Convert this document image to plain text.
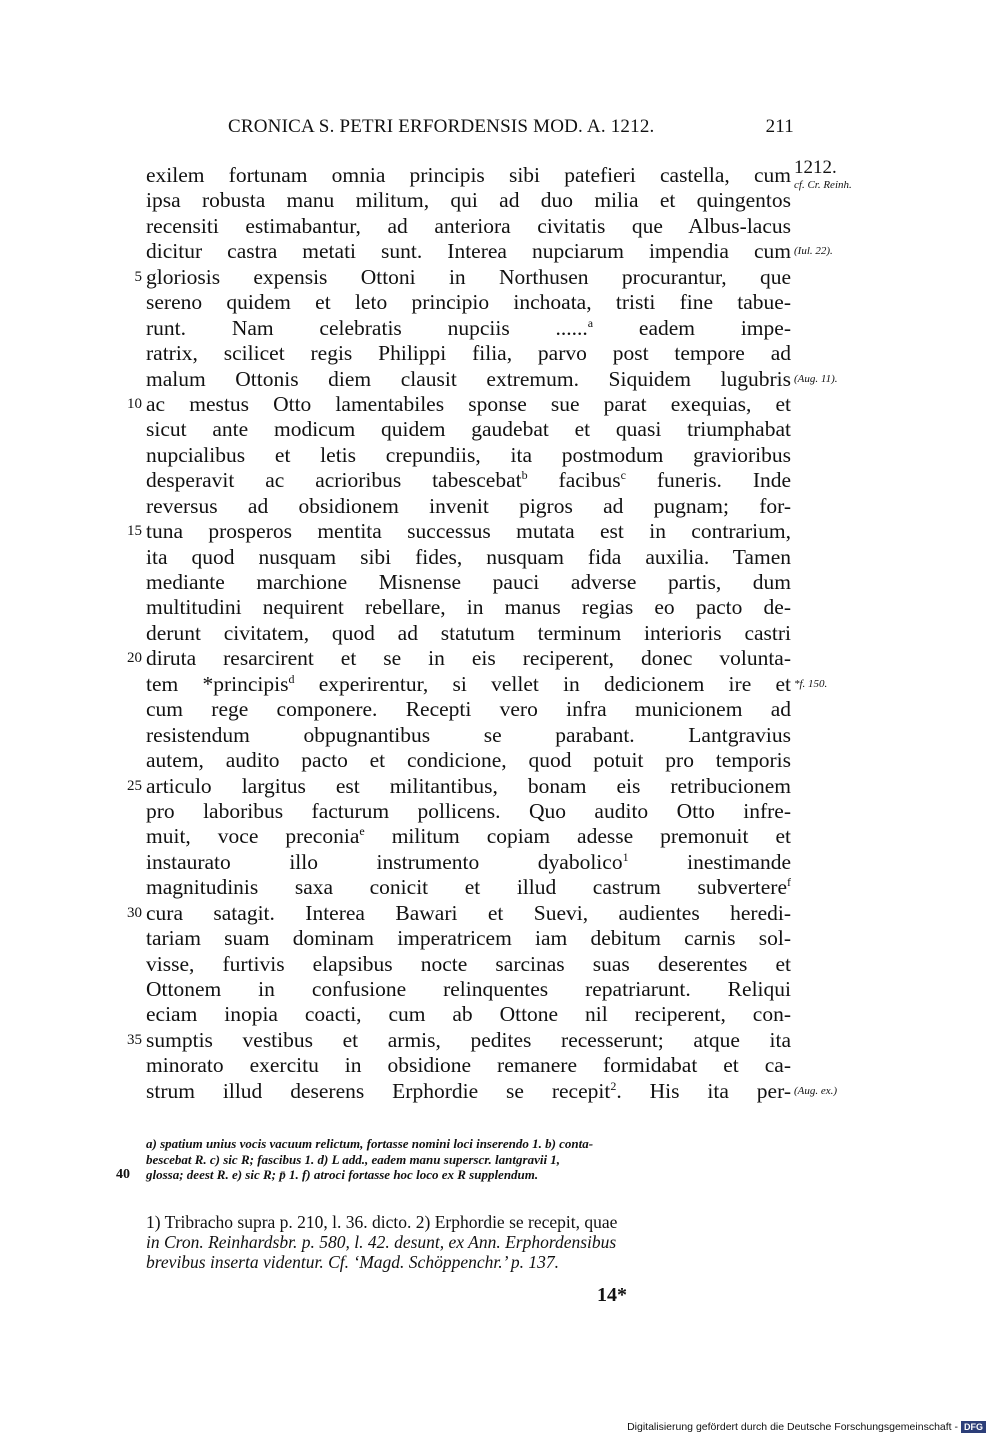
CRONICA S. PETRI ERFORDENSIS MOD. A. 1212.	211
exilem fortunam omnia principis sibi patefieri castella, cum 1212.
cf. Cr. Reinh.
ipsa robusta manu militum, qui ad duo milia et quingentos
recensiti estimabantur, ad anteriora civitatis que Albus-lacus
dicitur castra metati sunt. Interea nupciarum impendia cum (Iul. 22).
5 gloriosis expensis Ottoni in Northusen procurantur, que
sereno quidem et leto principio inchoata, tristi fine tabue-
runt. Nam celebratis nupciis ......$^a$ eadem impe-
ratrix, scilicet regis Philippi filia, parvo post tempore ad
malum Ottonis diem clausit extremum. Siquidem lugubris (Aug. 11).
10 ac mestus Otto lamentabiles sponse sue parat exequias, et
sicut ante modicum quidem gaudebat et quasi triumphabat
nupcialibus et letis crepundiis, ita postmodum gravioribus
desperavit ac acrioribus tabescebat$^b$ facibus$^c$ funeris. Inde
reversus ad obsidionem invenit pigros ad pugnam; for-
15 tuna prosperos mentita successus mutata est in contrarium,
ita quod nusquam sibi fides, nusquam fida auxilia. Tamen
mediante marchione Misnense pauci adverse partis, dum
multitudini nequirent rebellare, in manus regias eo pacto de-
derunt civitatem, quod ad statutum terminum interioris castri
20 diruta resarcirent et se in eis reciperent, donec volunta-
tem *principis$^d$ experirentur, si vellet in dedicionem ire et *f. 150.
cum rege componere. Recepti vero infra municionem ad
resistendum obpugnantibus se parabant. Lantgravius
autem, audito pacto et condicione, quod potuit pro temporis
25 articulo largitus est militantibus, bonam eis retribucionem
pro laboribus facturum pollicens. Quo audito Otto infre-
muit, voce preconia$^e$ militum copiam adesse premonuit et
instaurato illo instrumento dyabolico$^1$	inestimande
magnitudinis saxa conicit et illud castrum subvertere$^f$
30 cura satagit. Interea Bawari et Suevi, audientes heredi-
tariam suam dominam imperatricem iam debitum carnis sol-
visse, furtivis elapsibus nocte sarcinas suas deserentes et
Ottonem in confusione relinquentes repatriarunt. Reliqui
eciam inopia coacti, cum ab Ottone nil reciperent, con-
35 sumptis vestibus et armis, pedites recesserunt; atque ita
minorato exercitu in obsidione remanere formidabat et ca-
strum illud deserens Erphordie se recepit$^2$. His ita per- (Aug. ex.)
a) spatium unius vocis vacuum relictum, fortasse nomini loci inserendo 1. b) conta-
bescebat R. c) sic R; fascibus 1. d) L add., eadem manu superscr. lantgravii 1,
40 glossa; deest R. e) sic R; p̄ 1. f) atroci fortasse hoc loco ex R supplendum.
1) Tribracho supra p. 210, l. 36. dicto. 2) Erphordie se recepit, quae
in Cron. Reinhardsbr. p. 580, l. 42. desunt, ex Ann. Erphordensibus
brevibus inserta videntur. Cf. ‘Magd. Schöppenchr.’ p. 137.
14*
Digitalisierung gefördert durch die Deutsche Forschungsgemeinschaft - DFG
